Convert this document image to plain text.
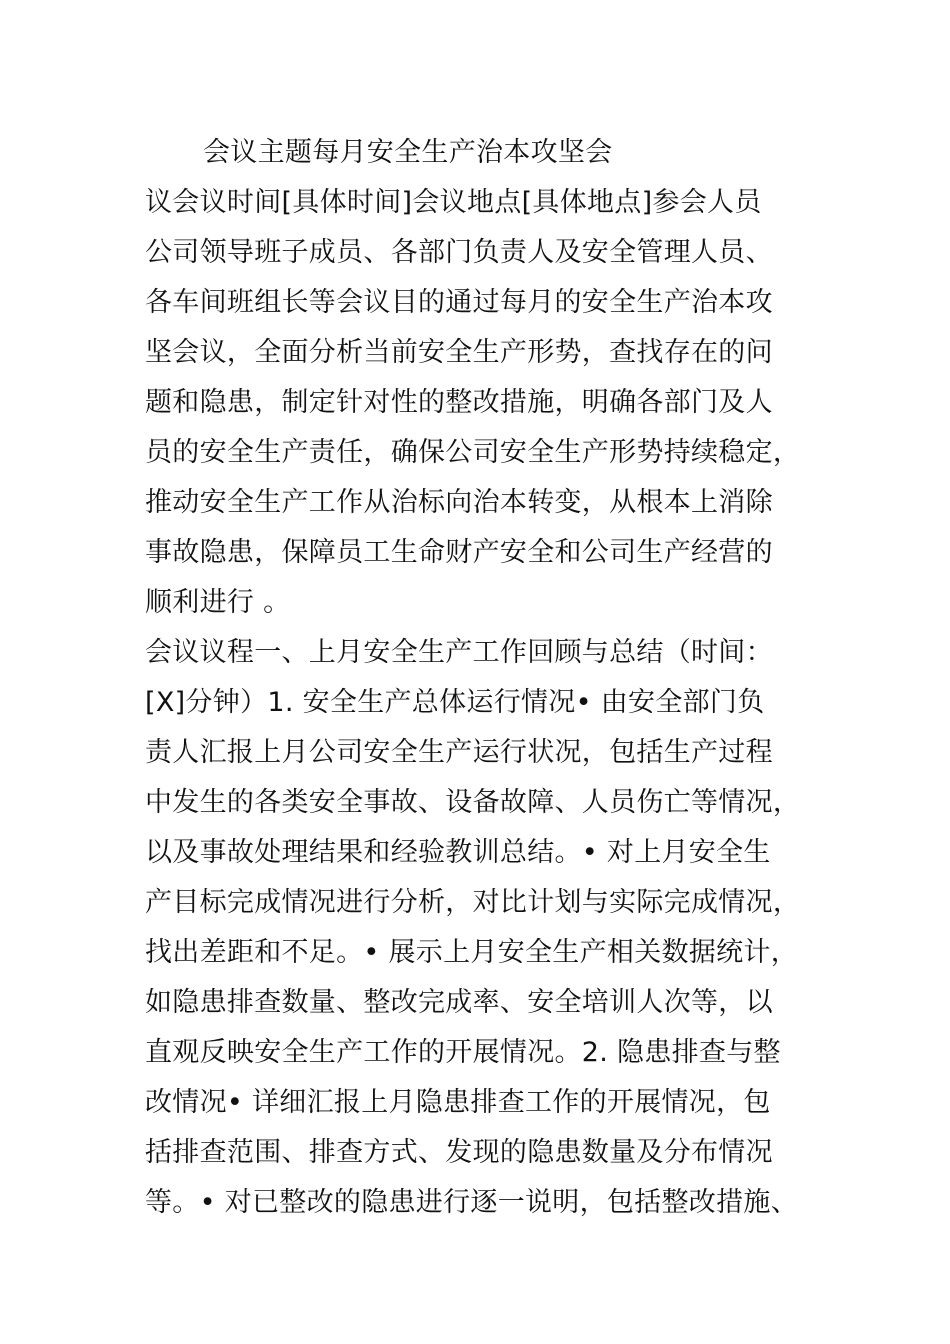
会议主题每月安全生产治本攻坚会
议会议时间[具体时间]会议地点[具体地点]参会人员
公司领导班子成员、各部门负责人及安全管理人员、
各车间班组长等会议目的通过每月的安全生产治本攻
坚会议，全面分析当前安全生产形势，查找存在的问
题和隐患，制定针对性的整改措施，明确各部门及人
员的安全生产责任，确保公司安全生产形势持续稳定，
推动安全生产工作从治标向治本转变，从根本上消除
事故隐患，保障员工生命财产安全和公司生产经营的
顺利进行 。
会议议程一、上月安全生产工作回顾与总结（时间：
[X]分钟）1. 安全生产总体运行情况• 由安全部门负
责人汇报上月公司安全生产运行状况，包括生产过程
中发生的各类安全事故、设备故障、人员伤亡等情况，
以及事故处理结果和经验教训总结。• 对上月安全生
产目标完成情况进行分析，对比计划与实际完成情况，
找出差距和不足。• 展示上月安全生产相关数据统计，
如隐患排查数量、整改完成率、安全培训人次等，以
直观反映安全生产工作的开展情况。2. 隐患排查与整
改情况• 详细汇报上月隐患排查工作的开展情况，包
括排查范围、排查方式、发现的隐患数量及分布情况
等。• 对已整改的隐患进行逐一说明，包括整改措施、
